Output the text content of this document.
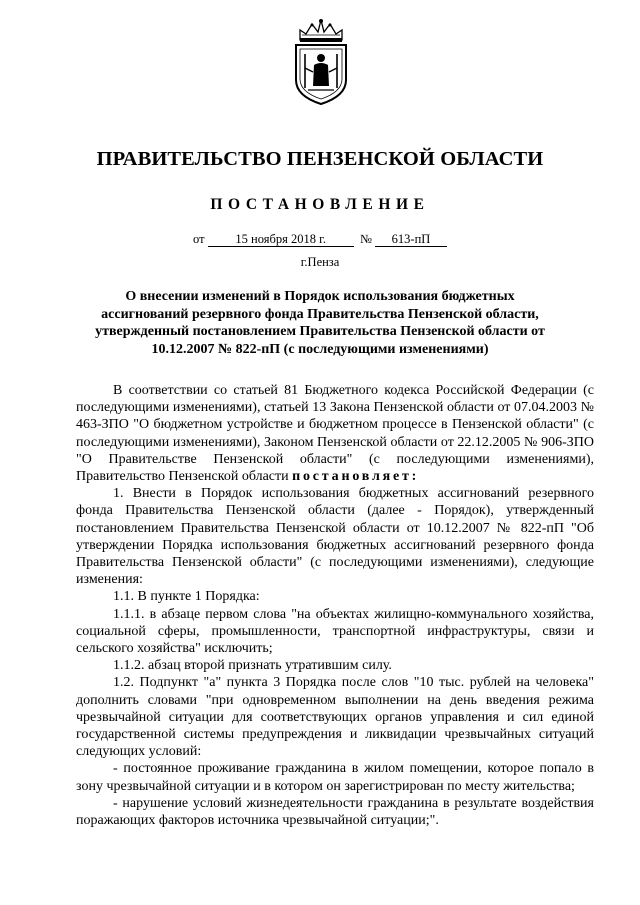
ПРАВИТЕЛЬСТВО ПЕНЗЕНСКОЙ ОБЛАСТИ
ПОСТАНОВЛЕНИЕ
от 15 ноября 2018 г.	№ 613-пП
г.Пенза
О внесении изменений в Порядок использования бюджетных ассигнований резервного фонда Правительства Пензенской области, утвержденный постановлением Правительства Пензенской области от 10.12.2007 № 822-пП (с последующими изменениями)

В соответствии со статьей 81 Бюджетного кодекса Российской Федерации (с последующими изменениями), статьей 13 Закона Пензенской области от 07.04.2003 № 463-ЗПО "О бюджетном устройстве и бюджетном процессе в Пензенской области" (с последующими изменениями), Законом Пензенской области от 22.12.2005 № 906-ЗПО "О Правительстве Пензенской области" (с последующими изменениями), Правительство Пензенской области постановляет:

1. Внести в Порядок использования бюджетных ассигнований резервного фонда Правительства Пензенской области (далее - Порядок), утвержденный постановлением Правительства Пензенской области от 10.12.2007 № 822-пП "Об утверждении Порядка использования бюджетных ассигнований резервного фонда Правительства Пензенской области" (с последующими изменениями), следующие изменения:

1.1. В пункте 1 Порядка:

1.1.1. в абзаце первом слова "на объектах жилищно-коммунального хозяйства, социальной сферы, промышленности, транспортной инфраструктуры, связи и сельского хозяйства" исключить;

1.1.2. абзац второй признать утратившим силу.

1.2. Подпункт "а" пункта 3 Порядка после слов "10 тыс. рублей на человека" дополнить словами "при одновременном выполнении на день введения режима чрезвычайной ситуации для соответствующих органов управления и сил единой государственной системы предупреждения и ликвидации чрезвычайных ситуаций следующих условий:

- постоянное проживание гражданина в жилом помещении, которое попало в зону чрезвычайной ситуации и в котором он зарегистрирован по месту жительства;

- нарушение условий жизнедеятельности гражданина в результате воздействия поражающих факторов источника чрезвычайной ситуации;".
